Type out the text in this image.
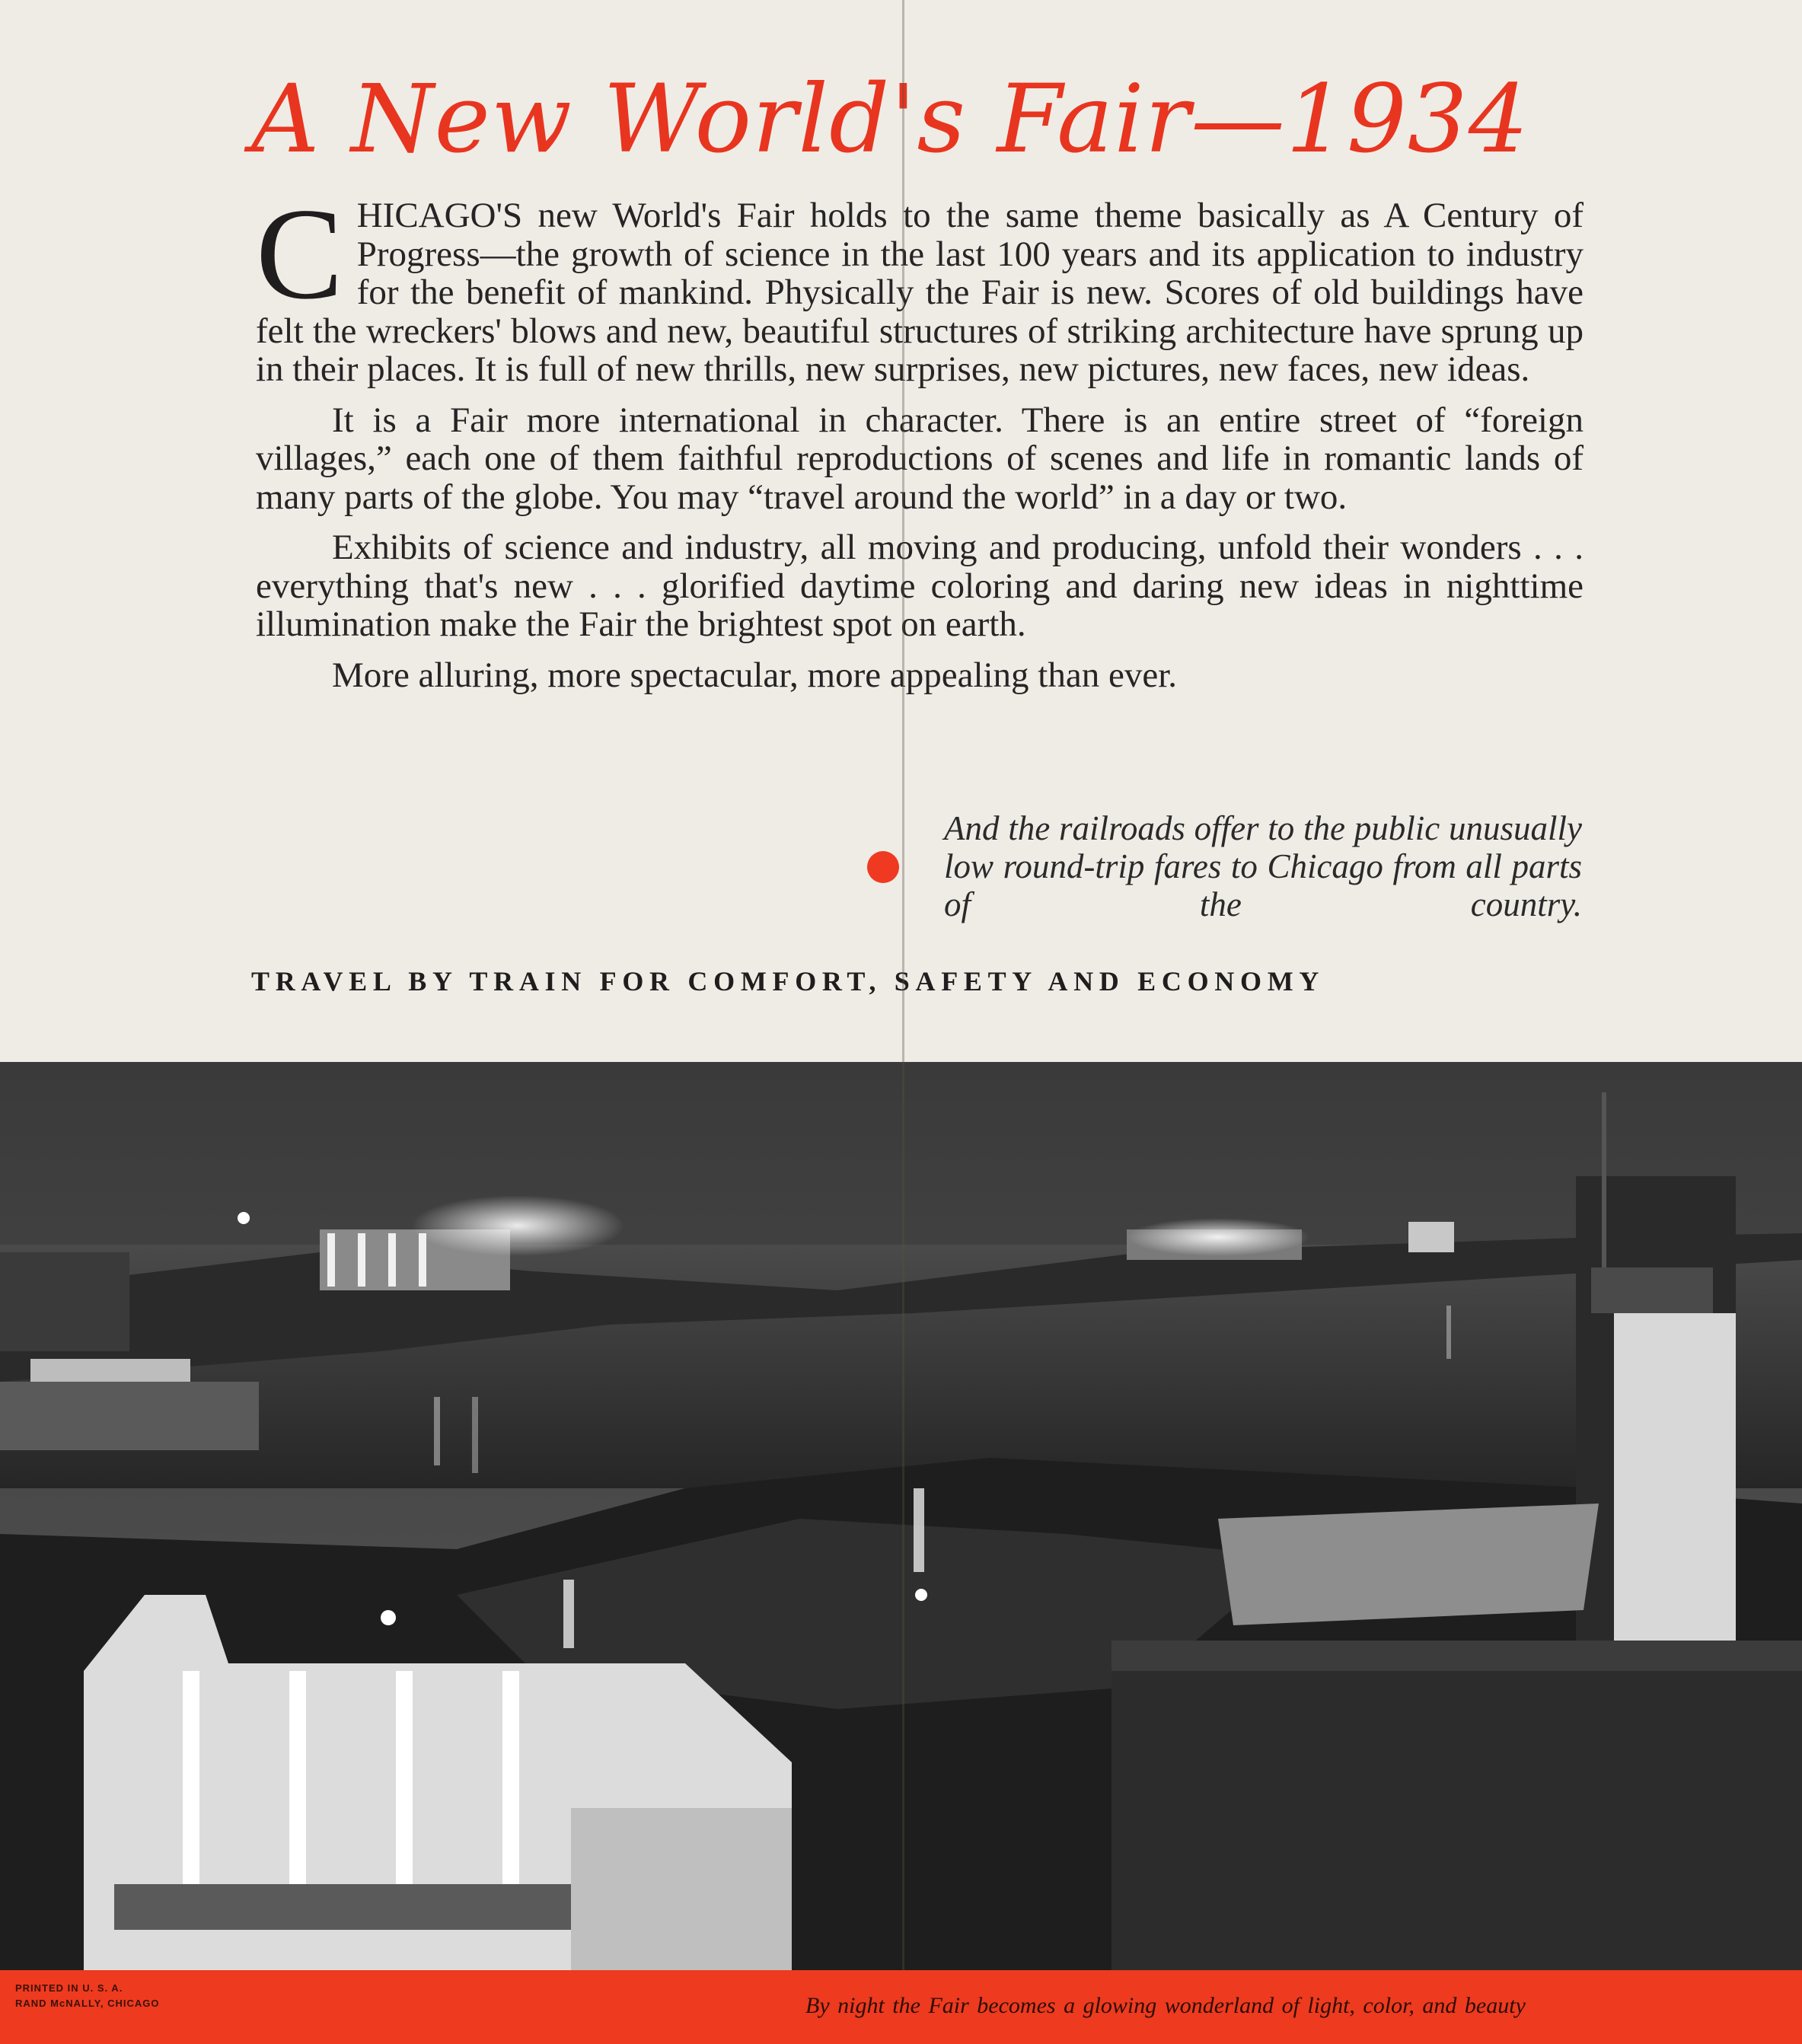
A New World's Fair—1934

CHICAGO'S new World's Fair holds to the same theme basically as A Century of Progress—the growth of science in the last 100 years and its application to industry for the benefit of mankind. Physically the Fair is new. Scores of old buildings have felt the wreckers' blows and new, beautiful structures of striking architecture have sprung up in their places. It is full of new thrills, new surprises, new pictures, new faces, new ideas.

It is a Fair more international in character. There is an entire street of “foreign villages,” each one of them faithful reproductions of scenes and life in romantic lands of many parts of the globe. You may “travel around the world” in a day or two.

Exhibits of science and industry, all moving and producing, unfold their wonders . . . everything that's new . . . glorified daytime coloring and daring new ideas in nighttime illumination make the Fair the brightest spot on earth.

More alluring, more spectacular, more appealing than ever.

And the railroads offer to the public unusually low round-trip fares to Chicago from all parts of the country.
TRAVEL BY TRAIN FOR COMFORT, SAFETY AND ECONOMY
PRINTED IN U. S. A.
RAND McNALLY, CHICAGO	By night the Fair becomes a glowing wonderland of light, color, and beauty
